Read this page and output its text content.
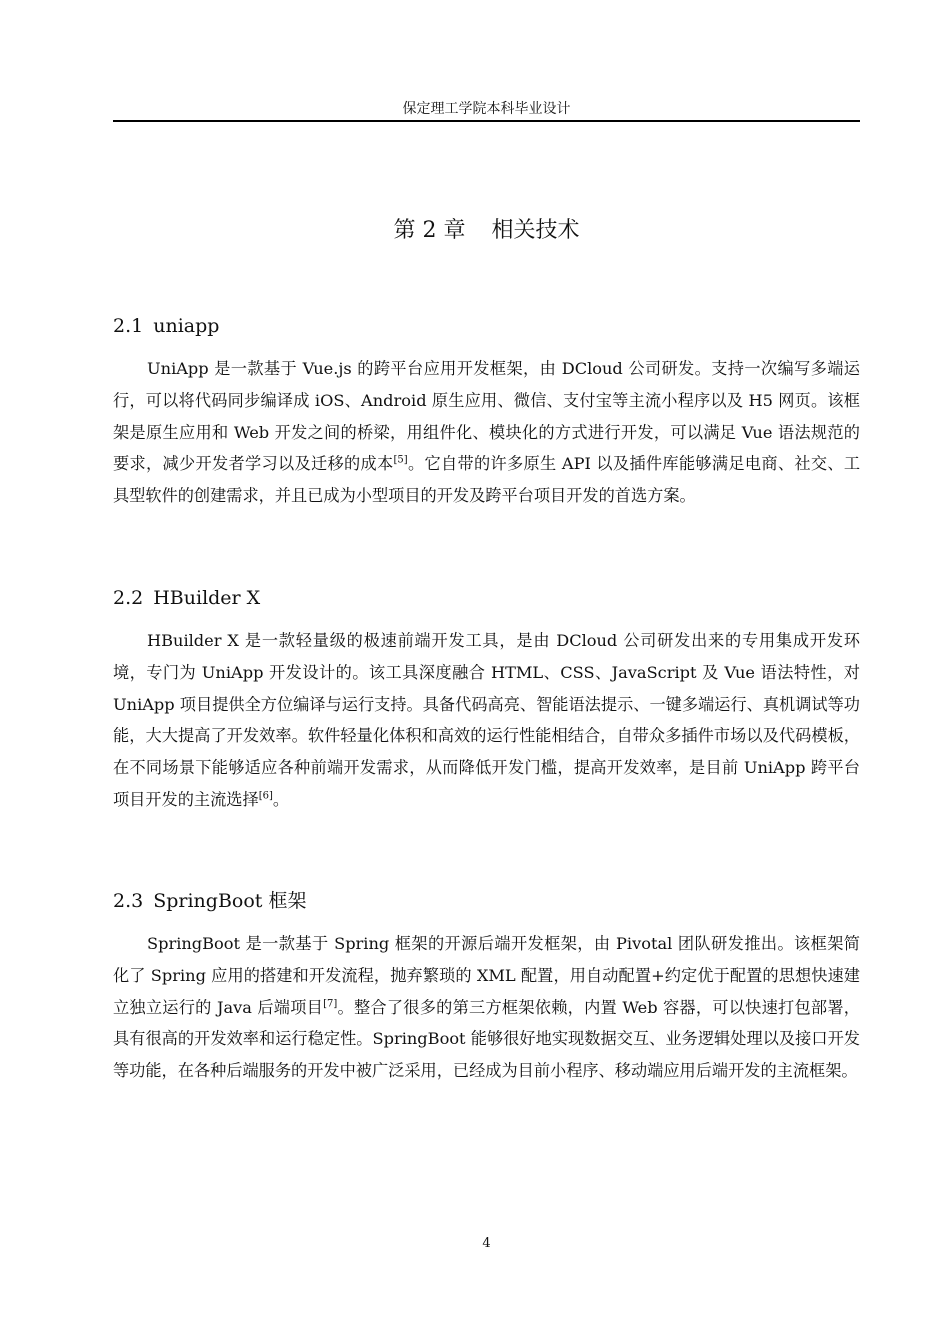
保定理工学院本科毕业设计
第 2 章 相关技术
2.1 uniapp

UniApp 是一款基于 Vue.js 的跨平台应用开发框架，由 DCloud 公司研发。支持一次编写多端运行，可以将代码同步编译成 iOS、Android 原生应用、微信、支付宝等主流小程序以及 H5 网页。该框架是原生应用和 Web 开发之间的桥梁，用组件化、模块化的方式进行开发，可以满足 Vue 语法规范的要求，减少开发者学习以及迁移的成本[5]。它自带的许多原生 API 以及插件库能够满足电商、社交、工具型软件的创建需求，并且已成为小型项目的开发及跨平台项目开发的首选方案。

2.2 HBuilder X

HBuilder X 是一款轻量级的极速前端开发工具，是由 DCloud 公司研发出来的专用集成开发环境，专门为 UniApp 开发设计的。该工具深度融合 HTML、CSS、JavaScript 及 Vue 语法特性，对 UniApp 项目提供全方位编译与运行支持。具备代码高亮、智能语法提示、一键多端运行、真机调试等功能，大大提高了开发效率。软件轻量化体积和高效的运行性能相结合，自带众多插件市场以及代码模板，在不同场景下能够适应各种前端开发需求，从而降低开发门槛，提高开发效率，是目前 UniApp 跨平台项目开发的主流选择[6]。

2.3 SpringBoot 框架

SpringBoot 是一款基于 Spring 框架的开源后端开发框架，由 Pivotal 团队研发推出。该框架简化了 Spring 应用的搭建和开发流程，抛弃繁琐的 XML 配置，用自动配置+约定优于配置的思想快速建立独立运行的 Java 后端项目[7]。整合了很多的第三方框架依赖，内置 Web 容器，可以快速打包部署，具有很高的开发效率和运行稳定性。SpringBoot 能够很好地实现数据交互、业务逻辑处理以及接口开发等功能，在各种后端服务的开发中被广泛采用，已经成为目前小程序、移动端应用后端开发的主流框架。

4
